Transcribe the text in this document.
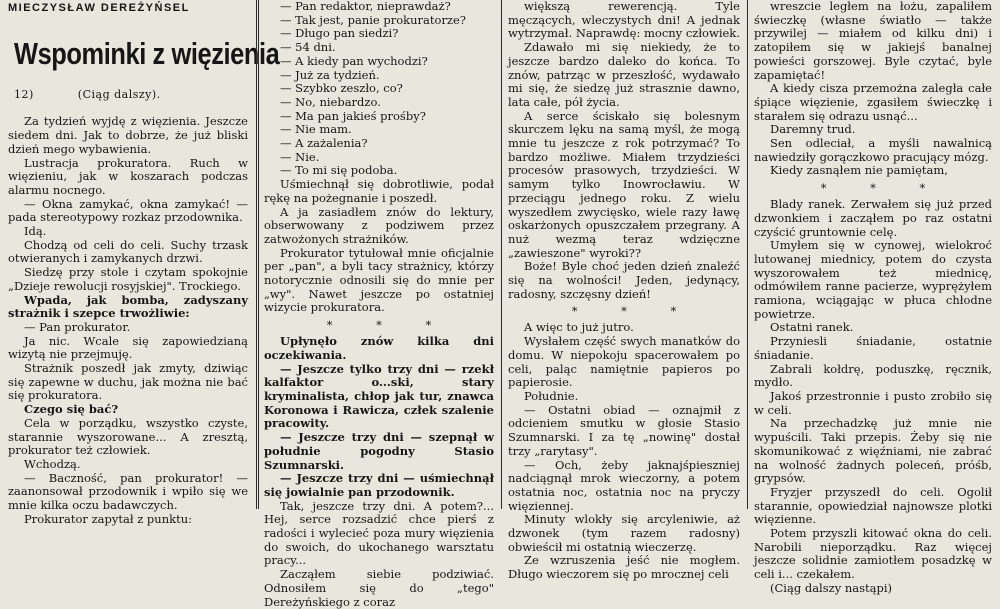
MIECZYSŁAW DEREŻYŃSEL
Wspominki z więzienia
12)	(Ciąg dalszy).

Za tydzień wyjdę z więzienia. Jeszcze siedem dni. Jak to dobrze, że już bliski dzień mego wybawienia.

Lustracja prokuratora. Ruch w więzieniu, jak w koszarach podczas alarmu nocnego.

— Okna zamykać, okna zamykać! — pada stereotypowy rozkaz przodownika.

Idą.

Chodzą od celi do celi. Suchy trzask otwieranych i zamykanych drzwi.

Siedzę przy stole i czytam spokojnie „Dzieje rewolucji rosyjskiej". Trockiego.

Wpada, jak bomba, zadyszany strażnik i szepce trwożliwie:

— Pan prokurator.

Ja nic. Wcale się zapowiedzianą wizytą nie przejmuję.

Strażnik poszedł jak zmyty, dziwiąc się zapewne w duchu, jak można nie bać się prokuratora.

Czego się bać?

Cela w porządku, wszystko czyste, starannie wyszorowane... A zresztą, prokurator też człowiek.

Wchodzą.

— Baczność, pan prokurator! — zaanonsował przodownik i wpiło się we mnie kilka oczu badawczych.

Prokurator zapytał z punktu:

— Pan redaktor, nieprawdaż?

— Tak jest, panie prokuratorze?

— Długo pan siedzi?

— 54 dni.

— A kiedy pan wychodzi?

— Już za tydzień.

— Szybko zeszło, co?

— No, niebardzo.

— Ma pan jakieś prośby?

— Nie mam.

— A zażalenia?

— Nie.

— To mi się podoba.

Uśmiechnął się dobrotliwie, podał rękę na pożegnanie i poszedł.

A ja zasiadłem znów do lektury, obserwowany z podziwem przez zatwożonych strażników.

Prokurator tytułował mnie oficjalnie per „pan", a byli tacy strażnicy, którzy notorycznie odnosili się do mnie per „wy". Nawet jeszcze po ostatniej wizycie prokuratora.

* * *

Upłynęło znów kilka dni oczekiwania.

— Jeszcze tylko trzy dni — rzekł kalfaktor o...ski, stary kryminalista, chłop jak tur, znawca Koronowa i Rawicza, człek szalenie pracowity.

— Jeszcze trzy dni — szepnął w południe pogodny Stasio Szumnarski.

— Jeszcze trzy dni — uśmiechnął się jowialnie pan przodownik.

Tak, jeszcze trzy dni. A potem?... Hej, serce rozsadzić chce pierś z radości i wylecieć poza mury więzienia do swoich, do ukochanego warsztatu pracy...

Zacząłem siebie podziwiać. Odnosiłem się do „tego" Dereżyńskiego z coraz

większą rewerencją. Tyle męczących, wleczystych dni! A jednak wytrzymał. Naprawdę: mocny człowiek.

Zdawało mi się niekiedy, że to jeszcze bardzo daleko do końca. To znów, patrząc w przeszłość, wydawało mi się, że siedzę już strasznie dawno, lata całe, pół życia.

A serce ściskało się bolesnym skurczem lęku na samą myśl, że mogą mnie tu jeszcze z rok potrzymać? To bardzo możliwe. Miałem trzydzieści procesów prasowych, trzydzieści. W samym tylko Inowrocławiu. W przeciągu jednego roku. Z wielu wyszedłem zwycięsko, wiele razy ławę oskarżonych opuszczałem przegrany. A nuż wezmą teraz wdzięczne „zawieszone" wyroki??

Boże! Byle choć jeden dzień znaleźć się na wolności! Jeden, jedynący, radosny, szczęsny dzień!

* * *

A więc to już jutro.

Wysłałem część swych manatków do domu. W niepokoju spacerowałem po celi, paląc namiętnie papieros po papierosie.

Południe.

— Ostatni obiad — oznajmił z odcieniem smutku w głosie Stasio Szumnarski. I za tę „nowinę" dostał trzy „rarytasy".

— Och, żeby jaknajśpieszniej nadciągnął mrok wieczorny, a potem ostatnia noc, ostatnia noc na pryczy więziennej.

Minuty wlokły się arcyleniwie, aż dzwonek (tym razem radosny) obwieścił mi ostatnią wieczerzę.

Ze wzruszenia jeść nie mogłem. Długo wieczorem się po mrocznej celi

wreszcie ległem na łożu, zapaliłem świeczkę (własne światło — także przywilej — miałem od kilku dni) i zatopiłem się w jakiejś banalnej powieści gorszowej. Byle czytać, byle zapamiętać!

A kiedy cisza przemożna zaległa całe śpiące więzienie, zgasiłem świeczkę i starałem się odrazu usnąć...

Daremny trud.

Sen odleciał, a myśli nawalnicą nawiedziły gorączkowo pracujący mózg.

Kiedy zasnąłem nie pamiętam,

* * *

Blady ranek. Zerwałem się już przed dzwonkiem i zacząłem po raz ostatni czyścić gruntownie celę.

Umyłem się w cynowej, wielokroć lutowanej miednicy, potem do czysta wyszorowałem też miednicę, odmówiłem ranne pacierze, wyprężyłem ramiona, wciągając w płuca chłodne powietrze.

Ostatni ranek.

Przyniesli śniadanie, ostatnie śniadanie.

Zabrali kołdrę, poduszkę, ręcznik, mydło.

Jakoś przestronnie i pusto zrobiło się w celi.

Na przechadzkę już mnie nie wypuścili. Taki przepis. Żeby się nie skomunikować z więźniami, nie zabrać na wolność żadnych poleceń, próśb, grypsów.

Fryzjer przyszedł do celi. Ogolił starannie, opowiedział najnowsze plotki więzienne.

Potem przyszli kitować okna do celi. Narobili nieporządku. Raz więcej jeszcze solidnie zamiotłem posadzkę w celi i... czekałem.

(Ciąg dalszy nastąpi)
